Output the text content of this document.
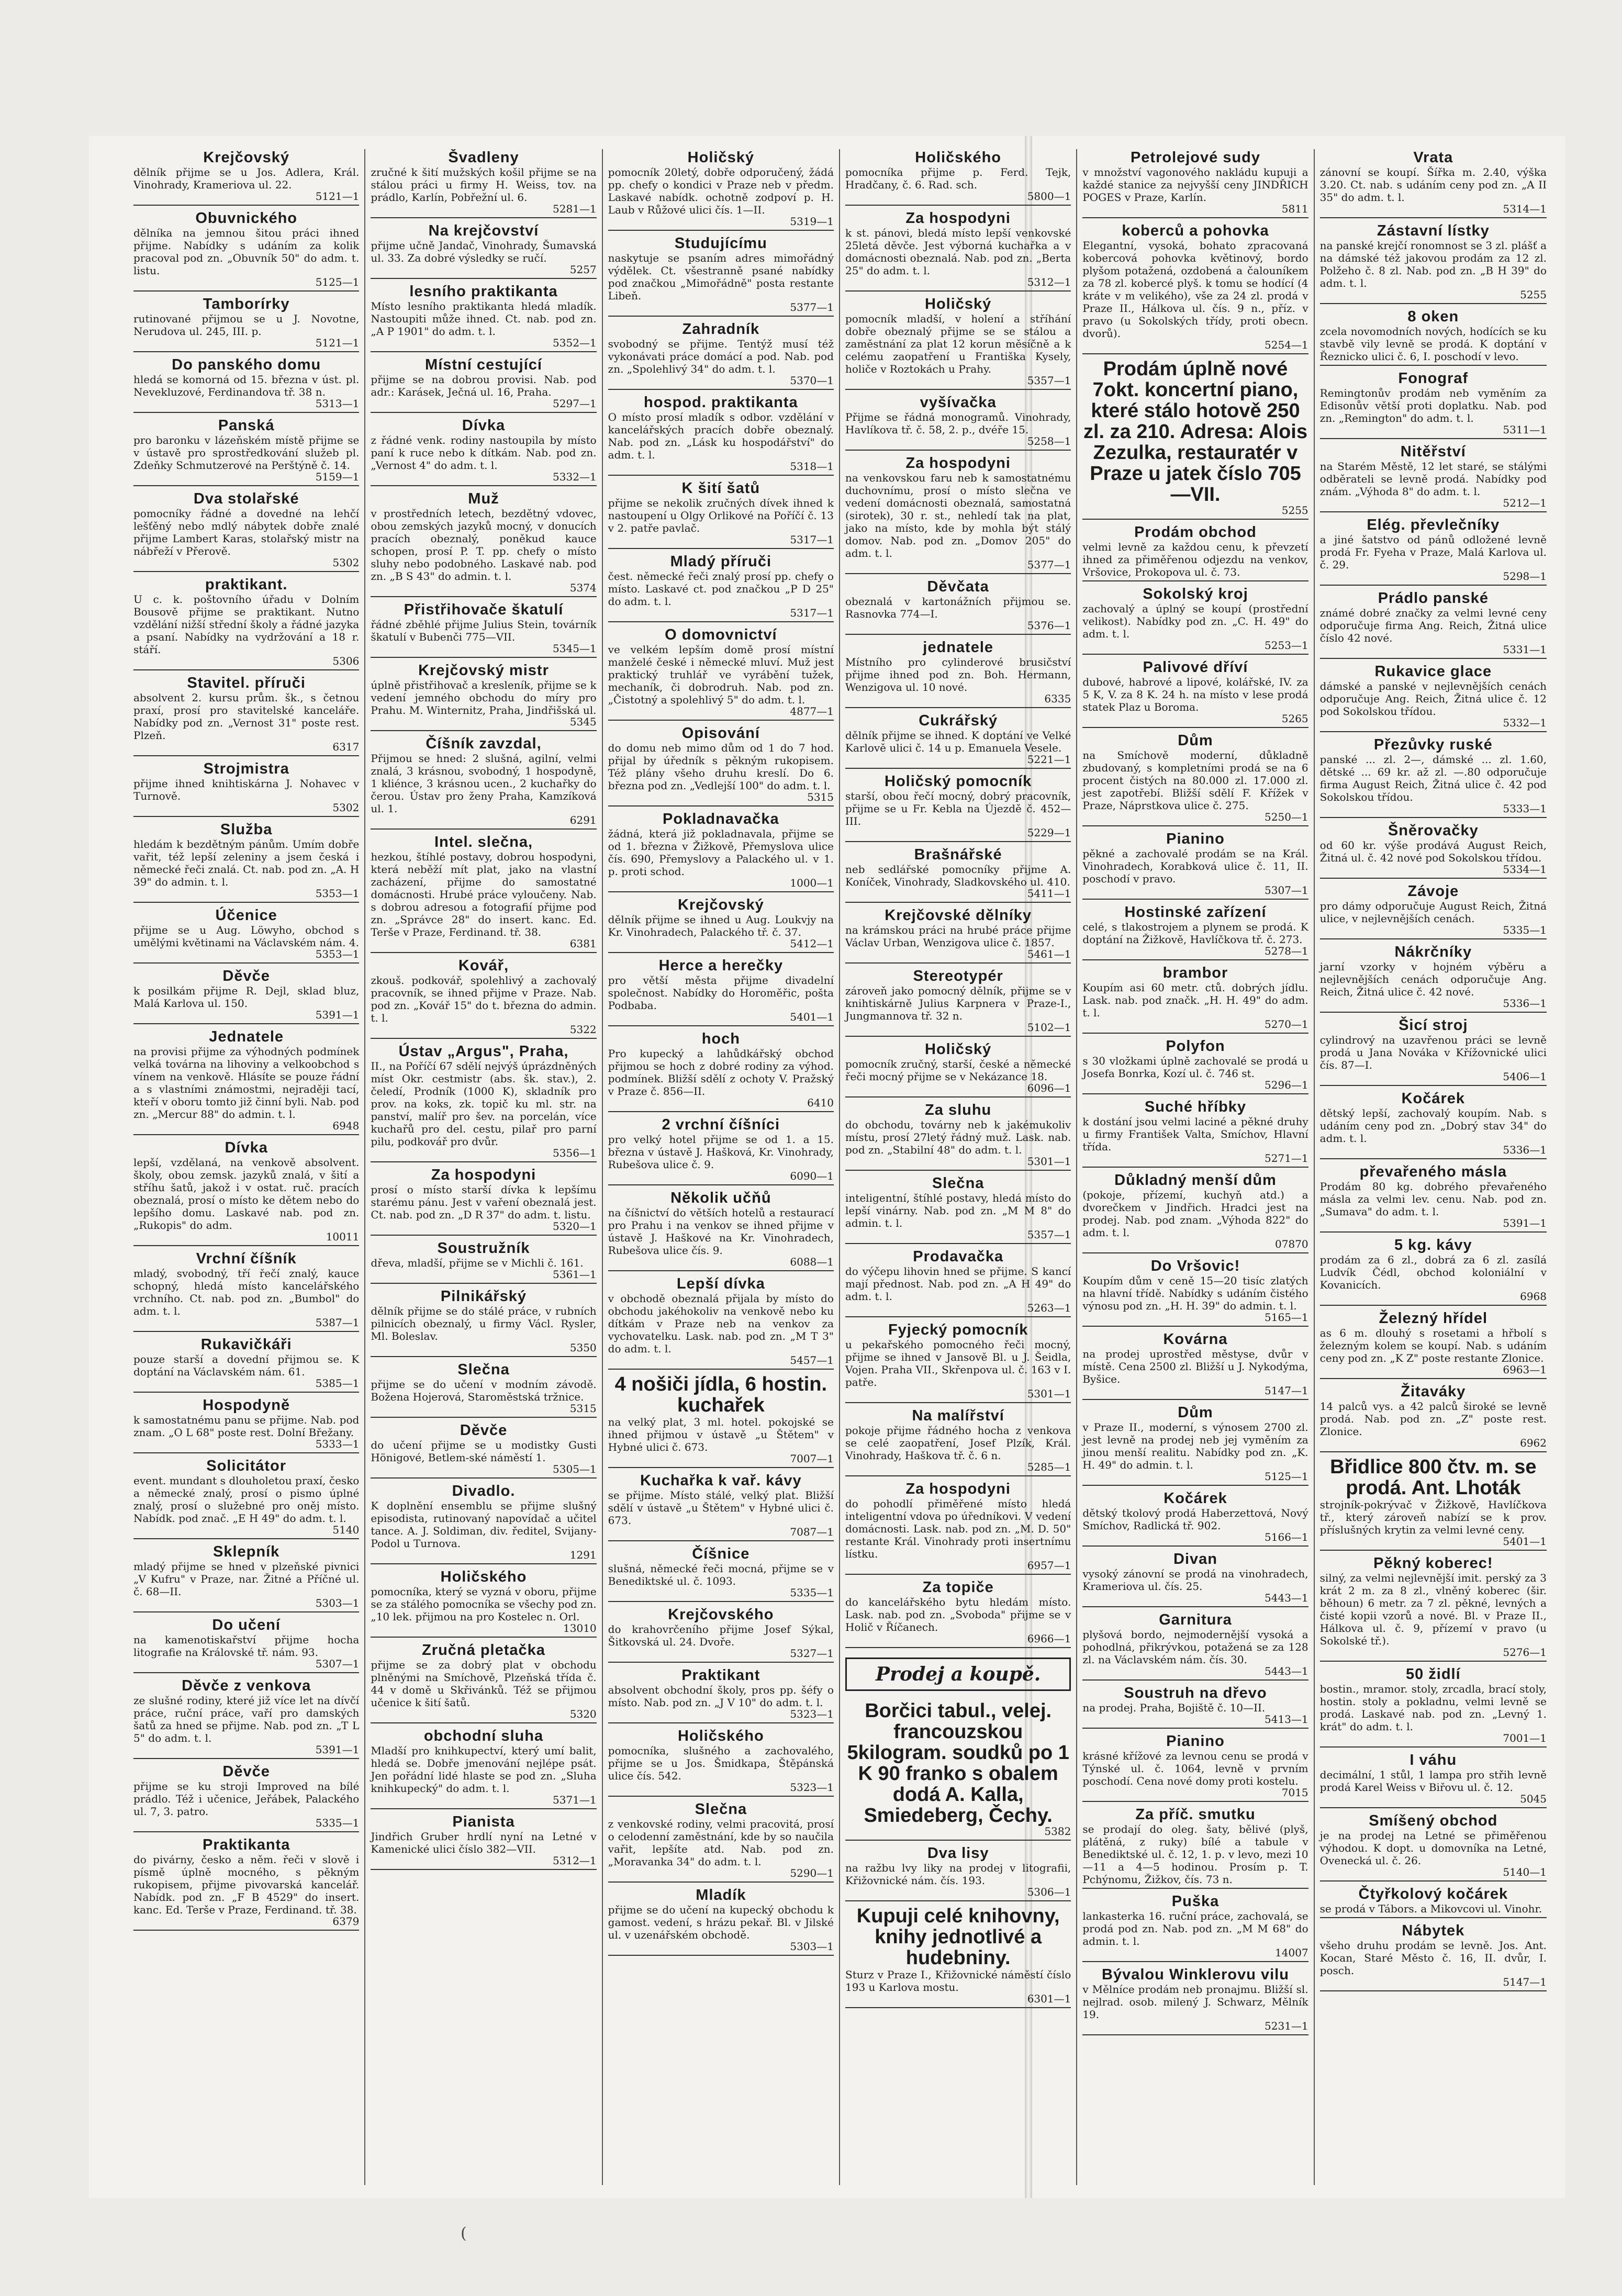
Krejčovský

dělník přijme se u Jos. Adlera, Král. Vinohrady, Krameriova ul. 22.

5121—1
Obuvnického

dělníka na jemnou šitou práci ihned přijme. Nabídky s udáním za kolik pracoval pod zn. „Obuvník 50" do adm. t. listu.

5125—1
Tamborírky

rutinované přijmou se u J. Novotne, Nerudova ul. 245, III. p.

5121—1
Do panského domu

hledá se komorná od 15. března v úst. pl. Nevekluzové, Ferdinandova tř. 38 n.

5313—1
Panská

pro baronku v lázeňském místě přijme se v ústavě pro sprostředkování služeb pl. Zdeňky Schmutzerové na Perštýně č. 14.

5159—1
Dva stolařské

pomocníky řádné a dovedné na lehčí lešťěný nebo mdlý nábytek dobře znalé přijme Lambert Karas, stolařský mistr na nábřeží v Přerově.

5302
praktikant.

U c. k. poštovního úřadu v Dolním Bousově přijme se praktikant. Nutno vzdělání nižší střední školy a řádné jazyka a psaní. Nabídky na vydržování a 18 r. stáří.

5306
Stavitel. příruči

absolvent 2. kursu prům. šk., s četnou praxí, prosí pro stavitelské kanceláře. Nabídky pod zn. „Vernost 31" poste rest. Plzeň.

6317
Strojmistra

přijme ihned knihtiskárna J. Nohavec v Turnově.

5302
Služba

hledám k bezdětným pánům. Umím dobře vařit, též lepší zeleniny a jsem česká i německé řeči znalá. Ct. nab. pod zn. „A. H 39" do admin. t. l.

5353—1
Účenice

přijme se u Aug. Löwyho, obchod s umělými květinami na Václavském nám. 4.

5353—1
Děvče

k posilkám přijme R. Dejl, sklad bluz, Malá Karlova ul. 150.

5391—1
Jednatele

na provisi přijme za výhodných podmínek velká továrna na lihoviny a velkoobchod s vínem na venkově. Hlásíte se pouze řádní a s vlastními známostmi, nejraději tací, kteří v oboru tomto již činní byli. Nab. pod zn. „Mercur 88" do admin. t. l.

6948
Dívka

lepší, vzdělaná, na venkově absolvent. školy, obou zemsk. jazyků znalá, v šití a stříhu šatů, jakož i v ostat. ruč. pracích obeznalá, prosí o místo ke dětem nebo do lepšího domu. Laskavé nab. pod zn. „Rukopis" do adm.

10011
Vrchní číšník

mladý, svobodný, tří řečí znalý, kauce schopný, hledá místo kancelářského vrchního. Ct. nab. pod zn. „Bumbol" do adm. t. l.

5387—1
Rukavičkáři

pouze starší a dovední přijmou se. K doptání na Václavském nám. 61.

5385—1
Hospodyně

k samostatnému panu se přijme. Nab. pod znam. „O L 68" poste rest. Dolní Břežany.

5333—1
Solicitátor

event. mundant s dlouholetou praxí, česko a německé znalý, prosí o pismo úplné znalý, prosí o služebné pro oněj místo. Nabídk. pod znač. „E H 49" do adm. t. l.

5140
Sklepník

mladý přijme se hned v plzeňské pivnici „V Kufru" v Praze, nar. Žitné a Příčné ul. č. 68—II.

5303—1
Do učení

na kamenotiskařství přijme hocha litografie na Královské tř. nám. 93.

5307—1
Děvče z venkova

ze slušné rodiny, které již více let na dívčí práce, ruční práce, vaří pro damských šatů za hned se přijme. Nab. pod zn. „T L 5" do adm. t. l.

5391—1
Děvče

přijme se ku stroji Improved na bílé prádlo. Též i učenice, Jeřábek, Palackého ul. 7, 3. patro.

5335—1
Praktikanta

do pivárny, česko a něm. řeči v slově i písmě úplně mocného, s pěkným rukopisem, přijme pivovarská kancelář. Nabídk. pod zn. „F B 4529" do insert. kanc. Ed. Terše v Praze, Ferdinand. tř. 38.

6379
Švadleny

zručné k šití mužských košil přijme se na stálou práci u firmy H. Weiss, tov. na prádlo, Karlín, Pobřežní ul. 6.

5281—1
Na krejčovství

přijme učně Jandač, Vinohrady, Šumavská ul. 33. Za dobré výsledky se ručí.

5257
lesního praktikanta

Místo lesního praktikanta hledá mladík. Nastoupiti může ihned. Ct. nab. pod zn. „A P 1901" do adm. t. l.

5352—1
Místní cestující

přijme se na dobrou provisi. Nab. pod adr.: Karásek, Ječná ul. 16, Praha.

5297—1
Dívka

z řádné venk. rodiny nastoupila by místo paní k ruce nebo k dítkám. Nab. pod zn. „Vernost 4" do adm. t. l.

5332—1
Muž

v prostředních letech, bezdětný vdovec, obou zemských jazyků mocný, v donucích pracích obeznalý, poněkud kauce schopen, prosí P. T. pp. chefy o místo sluhy nebo podobného. Laskavé nab. pod zn. „B S 43" do admin. t. l.

5374
Přistřihovače škatulí

řádné zběhlé přijme Julius Stein, továrník škatulí v Bubenči 775—VII.

5345—1
Krejčovský mistr

úplně přistřihovač a kresleník, přijme se k vedení jemného obchodu do míry pro Prahu. M. Winternitz, Praha, Jindřišská ul.

5345
Číšník zavzdal,

Přijmou se hned: 2 slušná, agilní, velmi znalá, 3 krásnou, svobodný, 1 hospodyně, 1 kliénce, 3 krásnou ucen., 2 kuchařky do čerou. Ústav pro ženy Praha, Kamzíková ul. 1.

6291
Intel. slečna,

hezkou, štíhlé postavy, dobrou hospodyni, která neběží mít plat, jako na vlastní zacházení, přijme do samostatné domácnosti. Hrubé práce vyloučeny. Nab. s dobrou adresou a fotografií přijme pod zn. „Správce 28" do insert. kanc. Ed. Terše v Praze, Ferdinand. tř. 38.

6381
Kovář,

zkouš. podkovář, spolehlivý a zachovalý pracovník, se ihned přijme v Praze. Nab. pod zn. „Kovář 15" do t. března do admin. t. l.

5322
Ústav „Argus", Praha,

II., na Poříčí 67 sdělí nejvýš úprázdněných míst Okr. cestmistr (abs. šk. stav.), 2. čeledí, Prodník (1000 K), skladník pro prov. na koks, zk. topič ku ml. str. na panství, malíř pro šev. na porcelán, více kuchařů pro del. cestu, pilař pro parní pilu, podkovář pro dvůr.

5356—1
Za hospodyni

prosí o místo starší dívka k lepšímu starému pánu. Jest v vaření obeznalá jest. Ct. nab. pod zn. „D R 37" do adm. t. listu.

5320—1
Soustružník

dřeva, mladší, přijme se v Michli č. 161.

5361—1
Pilnikářský

dělník přijme se do stálé práce, v rubních pilnicích obeznalý, u firmy Václ. Rysler, Ml. Boleslav.

5350
Slečna

přijme se do učení v modním závodě. Božena Hojerová, Staroměstská tržnice.

5315
Děvče

do učení přijme se u modistky Gusti Hönigové, Betlem-ské náměstí 1.

5305—1
Divadlo.

K doplnění ensemblu se přijme slušný episodista, rutinovaný napovídač a učitel tance. A. J. Soldiman, div. ředitel, Svijany-Podol u Turnova.

1291
Holičského

pomocníka, který se vyzná v oboru, přijme se za stálého pomocníka se všechy pod zn. „10 lek. přijmou na pro Kostelec n. Orl.

13010
Zručná pletačka

přijme se za dobrý plat v obchodu plněnými na Smíchově, Plzeňská třída č. 44 v domě u Skřivánků. Též se přijmou učenice k šití šatů.

5320
obchodní sluha

Mladší pro knihkupectví, který umí balit, hledá se. Dobře jmenování nejlépe psát. Jen pořádní lidé hlaste se pod zn. „Sluha knihkupecký" do adm. t. l.

5371—1
Pianista

Jindřich Gruber hrdlí nyní na Letné v Kamenické ulici číslo 382—VII.

5312—1
Holičský

pomocník 20letý, dobře odporučený, žádá pp. chefy o kondici v Praze neb v předm. Laskavé nabídk. ochotně zodpoví p. H. Laub v Růžové ulici čís. 1—II.

5319—1
Studujícímu

naskytuje se psaním adres mimořádný výdělek. Ct. všestranně psané nabídky pod značkou „Mimořádně" posta restante Libeň.

5377—1
Zahradník

svobodný se přijme. Tentýž musí též vykonávati práce domácí a pod. Nab. pod zn. „Spolehlivý 34" do adm. t. l.

5370—1
hospod. praktikanta

O místo prosí mladík s odbor. vzdělání v kancelářských pracích dobře obeznalý. Nab. pod zn. „Lásk ku hospodářství" do adm. t. l.

5318—1
K šití šatů

přijme se nekolik zručných dívek ihned k nastoupení u Olgy Orlikové na Poříčí č. 13 v 2. patře pavlač.

5317—1
Mladý příruči

čest. německé řeči znalý prosí pp. chefy o místo. Laskavé ct. pod značkou „P D 25" do adm. t. l.

5317—1
O domovnictví

ve velkém lepším domě prosí místní manželé české i německé mluví. Muž jest praktický truhlář ve vyrábění tužek, mechaník, či dobrodruh. Nab. pod zn. „Čistotný a spolehlivý 5" do adm. t. l.

4877—1
Opisování

do domu neb mimo dům od 1 do 7 hod. přijal by úředník s pěkným rukopisem. Též plány všeho druhu kreslí. Do 6. března pod zn. „Vedlejší 100" do adm. t. l.

5315
Pokladnavačka

žádná, která již pokladnavala, přijme se od 1. března v Žižkově, Přemyslova ulice čís. 690, Přemyslovy a Palackého ul. v 1. p. proti schod.

1000—1
Krejčovský

dělník přijme se ihned u Aug. Loukvjy na Kr. Vinohradech, Palackého tř. č. 37.

5412—1
Herce a herečky

pro větší města přijme divadelní společnost. Nabídky do Horoměřic, pošta Podbaba.

5401—1
hoch

Pro kupecký a lahůdkářský obchod přijmou se hoch z dobré rodiny za výhod. podmínek. Bližší sdělí z ochoty V. Pražský v Praze č. 856—II.

6410
2 vrchní číšníci

pro velký hotel přijme se od 1. a 15. března v ústavě J. Hašková, Kr. Vinohrady, Rubešova ulice č. 9.

6090—1
Několik učňů

na číšnictví do větších hotelů a restaurací pro Prahu i na venkov se ihned přijme v ústavě J. Haškové na Kr. Vinohradech, Rubešova ulice čís. 9.

6088—1
Lepší dívka

v obchodě obeznalá přijala by místo do obchodu jakéhokoliv na venkově nebo ku dítkám v Praze neb na venkov za vychovatelku. Lask. nab. pod zn. „M T 3" do adm. t. l.

5457—1
4 nošiči jídla, 6 hostin. kuchařek

na velký plat, 3 ml. hotel. pokojské se ihned přijmou v ústavě „u Štětem" v Hybné ulici č. 673.

7007—1
Kuchařka k vař. kávy

se přijme. Místo stálé, velký plat. Bližší sdělí v ústavě „u Štětem" v Hybné ulici č. 673.

7087—1
Číšnice

slušná, německé řeči mocná, přijme se v Benediktské ul. č. 1093.

5335—1
Krejčovského

do krahovrčeního přijme Josef Sýkal, Šitkovská ul. 24. Dvoře.

5327—1
Praktikant

absolvent obchodní školy, pros pp. šéfy o místo. Nab. pod zn. „J V 10" do adm. t. l.

5323—1
Holičského

pomocníka, slušného a zachovalého, přijme se u Jos. Šmidkapa, Štěpánská ulice čís. 542.

5323—1
Slečna

z venkovské rodiny, velmi pracovitá, prosí o celodenní zaměstnání, kde by so naučila vařit, lepšíte atd. Nab. pod zn. „Moravanka 34" do adm. t. l.

5290—1
Mladík

přijme se do učení na kupecký obchodu k gamost. vedení, s hrázu pekař. Bl. v Jilské ul. v uzenářském obchodě.

5303—1
Holičského

pomocníka přijme p. Ferd. Tejk, Hradčany, č. 6. Rad. sch.

5800—1
Za hospodyni

k st. pánovi, bledá místo lepší venkovské 25letá děvče. Jest výborná kuchařka a v domácnosti obeznalá. Nab. pod zn. „Berta 25" do adm. t. l.

5312—1
Holičský

pomocník mladší, v holení a stříhání dobře obeznalý přijme se se stálou a zaměstnání za plat 12 korun měsíčně a k celému zaopatření u Františka Kysely, holiče v Roztokách u Prahy.

5357—1
vyšívačka

Přijme se řádná monogramů. Vinohrady, Havlíkova tř. č. 58, 2. p., dvéře 15.

5258—1
Za hospodyni

na venkovskou faru neb k samostatnému duchovnímu, prosí o místo slečna ve vedení domácnosti obeznalá, samostatná (sirotek), 30 r. st., nehledí tak na plat, jako na místo, kde by mohla být stálý domov. Nab. pod zn. „Domov 205" do adm. t. l.

5377—1
Děvčata

obeznalá v kartonážních přijmou se. Rasnovka 774—I.

5376—1
jednatele

Místního pro cylinderové brusičství přijme ihned pod zn. Boh. Hermann, Wenzigova ul. 10 nové.

6335
Cukrářský

dělník přijme se ihned. K doptání ve Velké Karlově ulici č. 14 u p. Emanuela Vesele.

5221—1
Holičský pomocník

starší, obou řečí mocný, dobrý pracovník, přijme se u Fr. Kebla na Újezdě č. 452—III.

5229—1
Brašnářské

neb sedlářské pomocníky přijme A. Koníček, Vinohrady, Sladkovského ul. 410.

5411—1
Krejčovské dělníky

na krámskou práci na hrubé práce přijme Václav Urban, Wenzigova ulice č. 1857.

5461—1
Stereotypér

zároveň jako pomocný dělník, přijme se v knihtiskárně Julius Karpnera v Praze-I., Jungmannova tř. 32 n.

5102—1
Holičský

pomocník zručný, starší, české a německé řeči mocný přijme se v Nekázance 18.

6096—1
Za sluhu

do obchodu, továrny neb k jakémukoliv místu, prosí 27letý řádný muž. Lask. nab. pod zn. „Stabilní 48" do adm. t. l.

5301—1
Slečna

inteligentní, štíhlé postavy, hledá místo do lepší vinárny. Nab. pod zn. „M M 8" do admin. t. l.

5357—1
Prodavačka

do výčepu lihovin hned se přijme. S kancí mají přednost. Nab. pod zn. „A H 49" do adm. t. l.

5263—1
Fyjecký pomocník

u pekařského pomocného řeči mocný, přijme se ihned v Jansově Bl. u J. Šeidla, Vojen. Praha VII., Skřenpova ul. č. 163 v I. patře.

5301—1
Na malířství

pokoje přijme řádného hocha z venkova se celé zaopatření, Josef Plzík, Král. Vinohrady, Haškova tř. č. 6 n.

5285—1
Za hospodyni

do pohodlí přiměřené místo hledá inteligentní vdova po úředníkovi. V vedení domácnosti. Lask. nab. pod zn. „M. D. 50" restante Král. Vinohrady proti insertnímu lístku.

6957—1
Za topiče

do kancelářského bytu hledám místo. Lask. nab. pod zn. „Svoboda" přijme se v Holič v Říčanech.

6966—1
Prodej a koupě.
Borčici tabul., velej. francouzskou 5kilogram. soudků po 1 K 90 franko s obalem dodá A. Kalla, Smiedeberg, Čechy.
5382
Dva lisy

na ražbu lvy liky na prodej v litografii, Křižovnické nám. čís. 193.

5306—1
Kupuji celé knihovny, knihy jednotlivé a hudebniny.

Sturz v Praze I., Křižovnické náměstí číslo 193 u Karlova mostu.

6301—1
Petrolejové sudy

v množství vagonového nakládu kupuji a každé stanice za nejvyšší ceny JINDŘICH POGES v Praze, Karlín.

5811
koberců a pohovka

Elegantní, vysoká, bohato zpracovaná kobercová pohovka květinový, bordo plyšom potažená, ozdobená a čalouníkem za 78 zl. kobercé plyš. k tomu se hodící (4 kráte v m velikého), vše za 24 zl. prodá v Praze II., Hálkova ul. čís. 9 n., příz. v pravo (u Sokolských třídy, proti obecn. dvorů).

5254—1
Prodám úplně nové 7okt. koncertní piano, které stálo hotově 250 zl. za 210. Adresa: Alois Zezulka, restauratér v Praze u jatek číslo 705—VII.
5255
Prodám obchod

velmi levně za každou cenu, k převzetí ihned za přiměřenou odjezdu na venkov, Vršovice, Prokopova ul. č. 73.

Sokolský kroj

zachovalý a úplný se koupí (prostřední velikost). Nabídky pod zn. „C. H. 49" do adm. t. l.

5253—1
Palivové dříví

dubové, habrové a lipové, kolářské, IV. za 5 K, V. za 8 K. 24 h. na místo v lese prodá statek Plaz u Boroma.

5265
Dům

na Smíchově moderní, důkladně zbudovaný, s kompletními prodá se na 6 procent čistých na 80.000 zl. 17.000 zl. jest zapotřebí. Bližší sdělí F. Křížek v Praze, Náprstkova ulice č. 275.

5250—1
Pianino

pěkné a zachovalé prodám se na Král. Vinohradech, Korabková ulice č. 11, II. poschodí v pravo.

5307—1
Hostinské zařízení

celé, s tlakostrojem a plynem se prodá. K doptání na Žižkově, Havlíčkova tř. č. 273.

5278—1
brambor

Koupím asi 60 metr. ctů. dobrých jídlu. Lask. nab. pod značk. „H. H. 49" do adm. t. l.

5270—1
Polyfon

s 30 vložkami úplně zachovalé se prodá u Josefa Bonrka, Kozí ul. č. 746 st.

5296—1
Suché hříbky

k dostání jsou velmi laciné a pěkné druhy u firmy František Valta, Smíchov, Hlavní třída.

5271—1
Důkladný menší dům

(pokoje, přízemí, kuchyň atd.) a dvorečkem v Jindřich. Hradci jest na prodej. Nab. pod znam. „Výhoda 822" do adm. t. l.

07870
Do Vršovic!

Koupím dům v ceně 15—20 tisíc zlatých na hlavní třídě. Nabídky s udáním čistého výnosu pod zn. „H. H. 39" do admin. t. l.

5165—1
Kovárna

na prodej uprostřed městyse, dvůr v místě. Cena 2500 zl. Bližší u J. Nykodýma, Byšice.

5147—1
Dům

v Praze II., moderní, s výnosem 2700 zl. jest levně na prodej neb jej vyměním za jinou menší realitu. Nabídky pod zn. „K. H. 49" do admin. t. l.

5125—1
Kočárek

dětský tkolový prodá Haberzettová, Nový Smíchov, Radlická tř. 902.

5166—1
Divan

vysoký zánovní se prodá na vinohradech, Krameriova ul. čís. 25.

5443—1
Garnitura

plyšová bordo, nejmodernější vysoká a pohodlná, přikrývkou, potažená se za 128 zl. na Václavském nám. čís. 30.

5443—1
Soustruh na dřevo

na prodej. Praha, Bojiště č. 10—II.

5413—1
Pianino

krásné křížové za levnou cenu se prodá v Týnské ul. č. 1064, levně v prvním poschodí. Cena nové domy proti kostelu.

7015
Za příč. smutku

se prodají do oleg. šaty, bělivé (plyš, plátěná, z ruky) bílé a tabule v Benediktské ul. č. 12, 1. p. v levo, mezi 10—11 a 4—5 hodinou. Prosím p. T. Pchýnomu, Žižkov, čís. 73 n.

Puška

lankasterka 16. ruční práce, zachovalá, se prodá pod zn. Nab. pod zn. „M M 68" do admin. t. l.

14007
Bývalou Winklerovu vilu

v Mělníce prodám neb pronajmu. Bližší sl. nejlrad. osob. milený J. Schwarz, Mělník 19.

5231—1
Vrata

zánovní se koupí. Šířka m. 2.40, výška 3.20. Ct. nab. s udáním ceny pod zn. „A II 35" do adm. t. l.

5314—1
Zástavní lístky

na panské krejčí ronomnost se 3 zl. plášť a na dámské též jakovou prodám za 12 zl. Polžeho č. 8 zl. Nab. pod zn. „B H 39" do adm. t. l.

5255
8 oken

zcela novomodních nových, hodících se ku stavbě vily levně se prodá. K doptání v Řeznicko ulici č. 6, I. poschodí v levo.

Fonograf

Remingtonův prodám neb vyměním za Edisonův větší proti doplatku. Nab. pod zn. „Remington" do adm. t. l.

5311—1
Nitěřství

na Starém Městě, 12 let staré, se stálými odběrateli se levně prodá. Nabídky pod znám. „Výhoda 8" do adm. t. l.

5212—1
Elég. převlečníky

a jiné šatstvo od pánů odložené levně prodá Fr. Fyeha v Praze, Malá Karlova ul. č. 29.

5298—1
Prádlo panské

známé dobré značky za velmi levné ceny odporučuje firma Ang. Reich, Žitná ulice číslo 42 nové.

5331—1
Rukavice glace

dámské a panské v nejlevnějších cenách odporučuje Ang. Reich, Žitná ulice č. 12 pod Sokolskou třídou.

5332—1
Přezůvky ruské

panské ... zl. 2—, dámské ... zl. 1.60, dětské ... 69 kr. až zl. —.80 odporučuje firma August Reich, Žitná ulice č. 42 pod Sokolskou třídou.

5333—1
Šněrovačky

od 60 kr. výše prodává August Reich, Žitná ul. č. 42 nové pod Sokolskou třídou.

5334—1
Závoje

pro dámy odporučuje August Reich, Žitná ulice, v nejlevnějších cenách.

5335—1
Nákrčníky

jarní vzorky v hojném výběru a nejlevnějších cenách odporučuje Ang. Reich, Žitná ulice č. 42 nové.

5336—1
Šicí stroj

cylindrový na uzavřenou práci se levně prodá u Jana Nováka v Křížovnické ulici čís. 87—I.

5406—1
Kočárek

dětský lepší, zachovalý koupím. Nab. s udáním ceny pod zn. „Dobrý stav 34" do adm. t. l.

5336—1
převařeného másla

Prodám 80 kg. dobrého převařeného másla za velmi lev. cenu. Nab. pod zn. „Sumava" do adm. t. l.

5391—1
5 kg. kávy

prodám za 6 zl., dobrá za 6 zl. zasílá Ludvík Čédl, obchod koloniální v Kovanicích.

6968
Železný hřídel

as 6 m. dlouhý s rosetami a hřbolí s železným kolem se koupí. Nab. s udáním ceny pod zn. „K Z" poste restante Zlonice.

6963—1
Žitaváky

14 palců vys. a 42 palců široké se levně prodá. Nab. pod zn. „Z" poste rest. Zlonice.

6962
Břidlice 800 čtv. m. se prodá. Ant. Lhoták

strojník-pokrývač v Žižkově, Havlíčkova tř., který zároveň nabízí se k prov. příslušných krytin za velmi levné ceny.

5401—1
Pěkný koberec!

silný, za velmi nejlevnější imit. perský za 3 krát 2 m. za 8 zl., vlněný koberec (šir. běhoun) 6 metr. za 7 zl. pěkné, levných a čisté kopii vzorů a nové. Bl. v Praze II., Hálkova ul. č. 9, přízemí v pravo (u Sokolské tř.).

5276—1
50 židlí

bostin., mramor. stoly, zrcadla, brací stoly, hostin. stoly a pokladnu, velmi levně se prodá. Laskavé nab. pod zn. „Levný 1. krát" do adm. t. l.

7001—1
I váhu

decimální, 1 stůl, 1 lampa pro střih levně prodá Karel Weiss v Biřovu ul. č. 12.

5045
Smíšený obchod

je na prodej na Letné se přiměřenou výhodou. K dopt. u domovníka na Letné, Ovenecká ul. č. 26.

5140—1
Čtyřkolový kočárek

se prodá v Tábors. a Mikovcovi ul. Vinohr.

Nábytek

všeho druhu prodám se levně. Jos. Ant. Kocan, Staré Město č. 16, II. dvůr, I. posch.

5147—1
(
